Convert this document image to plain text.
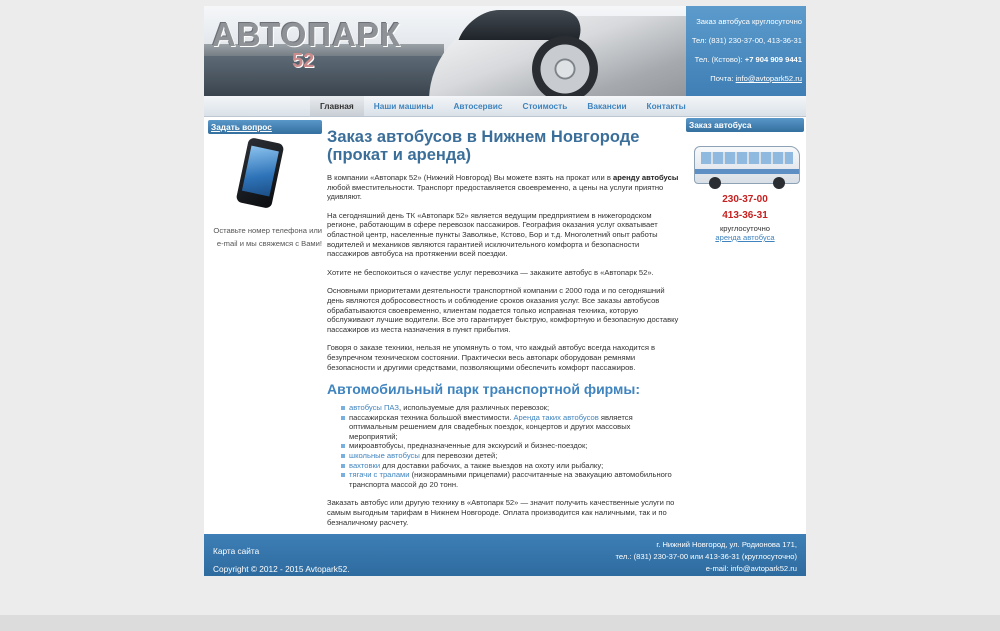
АВТОПАРК
52
Заказ автобуса круглосуточно
Тел: (831) 230-37-00, 413-36-31
Тел. (Кстово): +7 904 909 9441
Почта: info@avtopark52.ru
Главная	Наши машины	Автосервис	Стоимость	Вакансии	Контакты
Задать вопрос

Оставьте номер телефона или e-mail и мы свяжемся с Вами!

Заказ автобусов в Нижнем Новгороде (прокат и аренда)

В компании «Автопарк 52» (Нижний Новгород) Вы можете взять на прокат или в аренду автобусы любой вместительности. Транспорт предоставляется своевременно, а цены на услуги приятно удивляют.

На сегодняшний день ТК «Автопарк 52» является ведущим предприятием в нижегородском регионе, работающим в сфере перевозок пассажиров. География оказания услуг охватывает областной центр, населенные пункты Заволжье, Кстово, Бор и т.д. Многолетний опыт работы водителей и механиков являются гарантией исключительного комфорта и безопасности пассажиров автобуса на протяжении всей поездки.

Хотите не беспокоиться о качестве услуг перевозчика — закажите автобус в «Автопарк 52».

Основными приоритетами деятельности транспортной компании с 2000 года и по сегодняшний день являются добросовестность и соблюдение сроков оказания услуг. Все заказы автобусов обрабатываются своевременно, клиентам подается только исправная техника, которую обслуживают лучшие водители. Все это гарантирует быструю, комфортную и безопасную доставку пассажиров из места назначения в пункт прибытия.

Говоря о заказе техники, нельзя не упомянуть о том, что каждый автобус всегда находится в безупречном техническом состоянии. Практически весь автопарк оборудован ремнями безопасности и другими средствами, позволяющими обеспечить комфорт пассажиров.

Автомобильный парк транспортной фирмы:
автобусы ПАЗ, используемые для различных перевозок;
пассажирская техника большой вместимости. Аренда таких автобусов является оптимальным решением для свадебных поездок, концертов и других массовых мероприятий;
микроавтобусы, предназначенные для экскурсий и бизнес-поездок;
школьные автобусы для перевозки детей;
вахтовки для доставки рабочих, а также выездов на охоту или рыбалку;
тягачи с тралами (низкорамными прицепами) рассчитанные на эвакуацию автомобильного транспорта массой до 20 тонн.

Заказать автобус или другую технику в «Автопарк 52» — значит получить качественные услуги по самым выгодным тарифам в Нижнем Новгороде. Оплата производится как наличными, так и по безналичному расчету.

Заказ автобуса
230-37-00
413-36-31
круглосуточно
аренда автобуса
Карта сайта
Copyright © 2012 - 2015 Avtopark52.
г. Нижний Новгород, ул. Родионова 171,
тел.: (831) 230-37-00 или 413-36-31 (круглосуточно)
e-mail: info@avtopark52.ru
